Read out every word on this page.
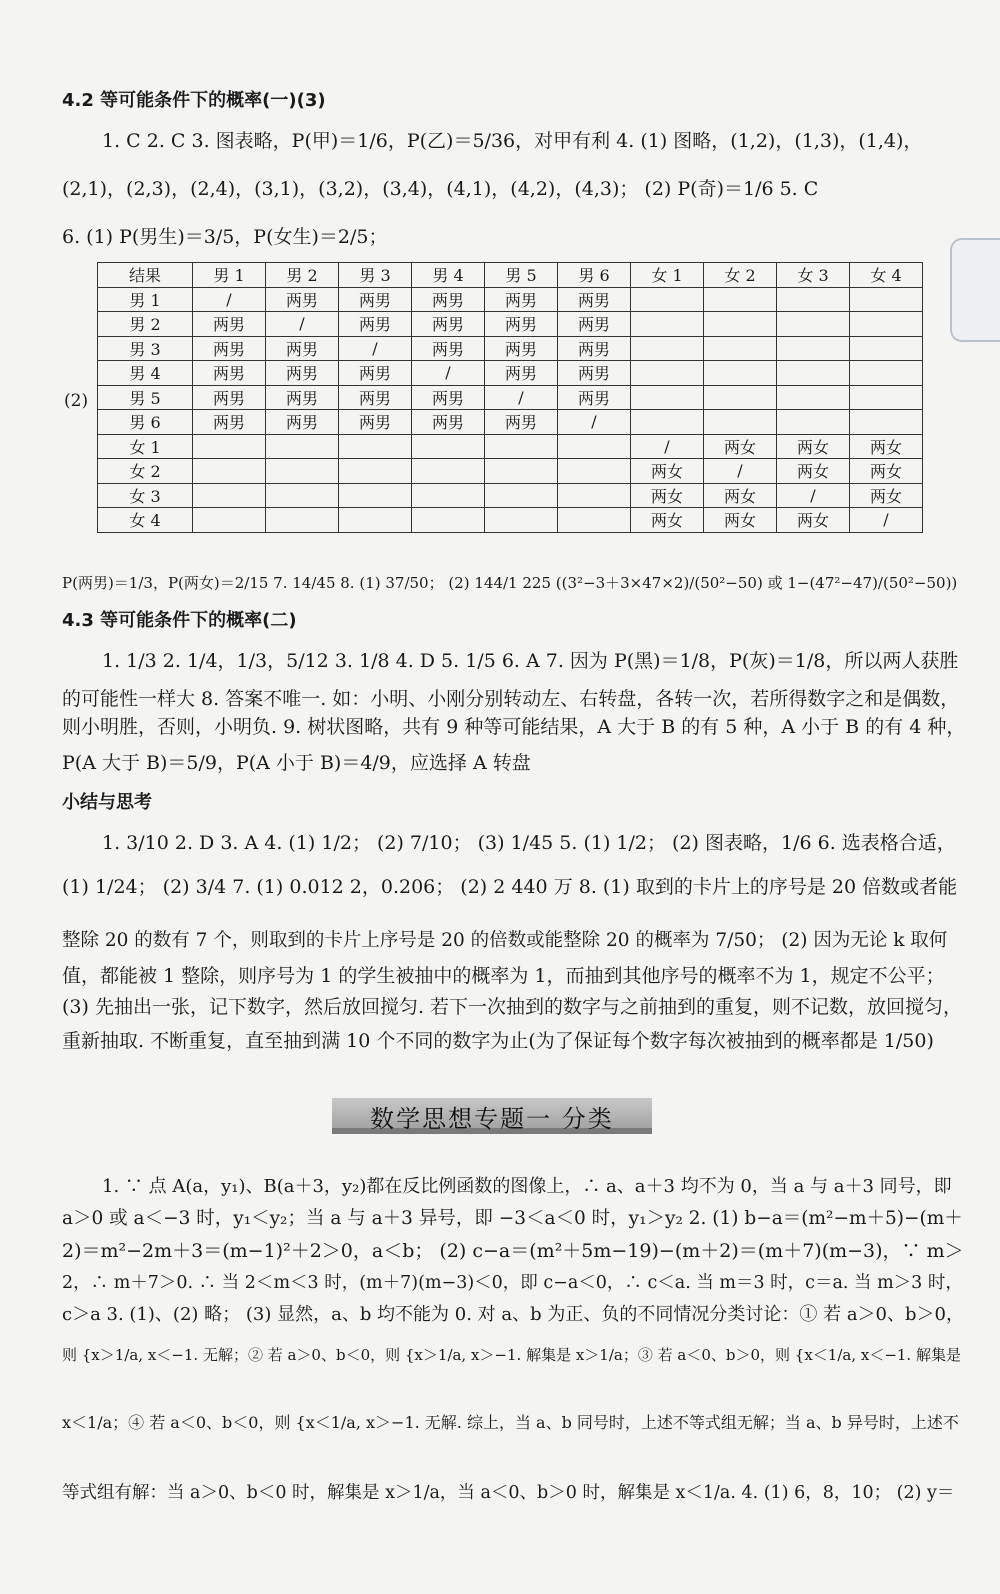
4.2 等可能条件下的概率(一)(3)
1. C 2. C 3. 图表略，P(甲)＝1/6，P(乙)＝5/36，对甲有利 4. (1) 图略，(1,2)，(1,3)，(1,4)，
(2,1)，(2,3)，(2,4)，(3,1)，(3,2)，(3,4)，(4,1)，(4,2)，(4,3)； (2) P(奇)＝1/6 5. C
6. (1) P(男生)＝3/5，P(女生)＝2/5；
(2)
结果	男 1	男 2	男 3	男 4	男 5	男 6	女 1	女 2	女 3	女 4
男 1	/	两男	两男	两男	两男	两男				
男 2	两男	/	两男	两男	两男	两男				
男 3	两男	两男	/	两男	两男	两男				
男 4	两男	两男	两男	/	两男	两男				
男 5	两男	两男	两男	两男	/	两男				
男 6	两男	两男	两男	两男	两男	/				
女 1							/	两女	两女	两女
女 2							两女	/	两女	两女
女 3							两女	两女	/	两女
女 4							两女	两女	两女	/
P(两男)＝1/3，P(两女)＝2/15 7. 14/45 8. (1) 37/50； (2) 144/1 225 ((3²−3＋3×47×2)/(50²−50) 或 1−(47²−47)/(50²−50))
4.3 等可能条件下的概率(二)
1. 1/3 2. 1/4，1/3，5/12 3. 1/8 4. D 5. 1/5 6. A 7. 因为 P(黑)＝1/8，P(灰)＝1/8，所以两人获胜
的可能性一样大 8. 答案不唯一. 如：小明、小刚分别转动左、右转盘，各转一次，若所得数字之和是偶数，
则小明胜，否则，小明负. 9. 树状图略，共有 9 种等可能结果，A 大于 B 的有 5 种，A 小于 B 的有 4 种，
P(A 大于 B)＝5/9，P(A 小于 B)＝4/9，应选择 A 转盘
小结与思考
1. 3/10 2. D 3. A 4. (1) 1/2； (2) 7/10； (3) 1/45 5. (1) 1/2； (2) 图表略，1/6 6. 选表格合适，
(1) 1/24； (2) 3/4 7. (1) 0.012 2，0.206； (2) 2 440 万 8. (1) 取到的卡片上的序号是 20 倍数或者能
整除 20 的数有 7 个，则取到的卡片上序号是 20 的倍数或能整除 20 的概率为 7/50； (2) 因为无论 k 取何
值，都能被 1 整除，则序号为 1 的学生被抽中的概率为 1，而抽到其他序号的概率不为 1，规定不公平；
(3) 先抽出一张，记下数字，然后放回搅匀. 若下一次抽到的数字与之前抽到的重复，则不记数，放回搅匀，
重新抽取. 不断重复，直至抽到满 10 个不同的数字为止(为了保证每个数字每次被抽到的概率都是 1/50)
数学思想专题一 分类
1. ∵ 点 A(a，y₁)、B(a＋3，y₂)都在反比例函数的图像上，∴ a、a＋3 均不为 0，当 a 与 a＋3 同号，即
a＞0 或 a＜−3 时，y₁＜y₂；当 a 与 a＋3 异号，即 −3＜a＜0 时，y₁＞y₂ 2. (1) b−a＝(m²−m＋5)−(m＋
2)＝m²−2m＋3＝(m−1)²＋2＞0，a＜b； (2) c−a＝(m²＋5m−19)−(m＋2)＝(m＋7)(m−3)，∵ m＞
2，∴ m＋7＞0. ∴ 当 2＜m＜3 时，(m＋7)(m−3)＜0，即 c−a＜0，∴ c＜a. 当 m＝3 时，c＝a. 当 m＞3 时，
c＞a 3. (1)、(2) 略； (3) 显然，a、b 均不能为 0. 对 a、b 为正、负的不同情况分类讨论：① 若 a＞0、b＞0，
则 {x＞1/a, x＜−1. 无解；② 若 a＞0、b＜0，则 {x＞1/a, x＞−1. 解集是 x＞1/a；③ 若 a＜0、b＞0，则 {x＜1/a, x＜−1. 解集是
x＜1/a；④ 若 a＜0、b＜0，则 {x＜1/a, x＞−1. 无解. 综上，当 a、b 同号时，上述不等式组无解；当 a、b 异号时，上述不
等式组有解：当 a＞0、b＜0 时，解集是 x＞1/a，当 a＜0、b＞0 时，解集是 x＜1/a. 4. (1) 6，8，10； (2) y＝
